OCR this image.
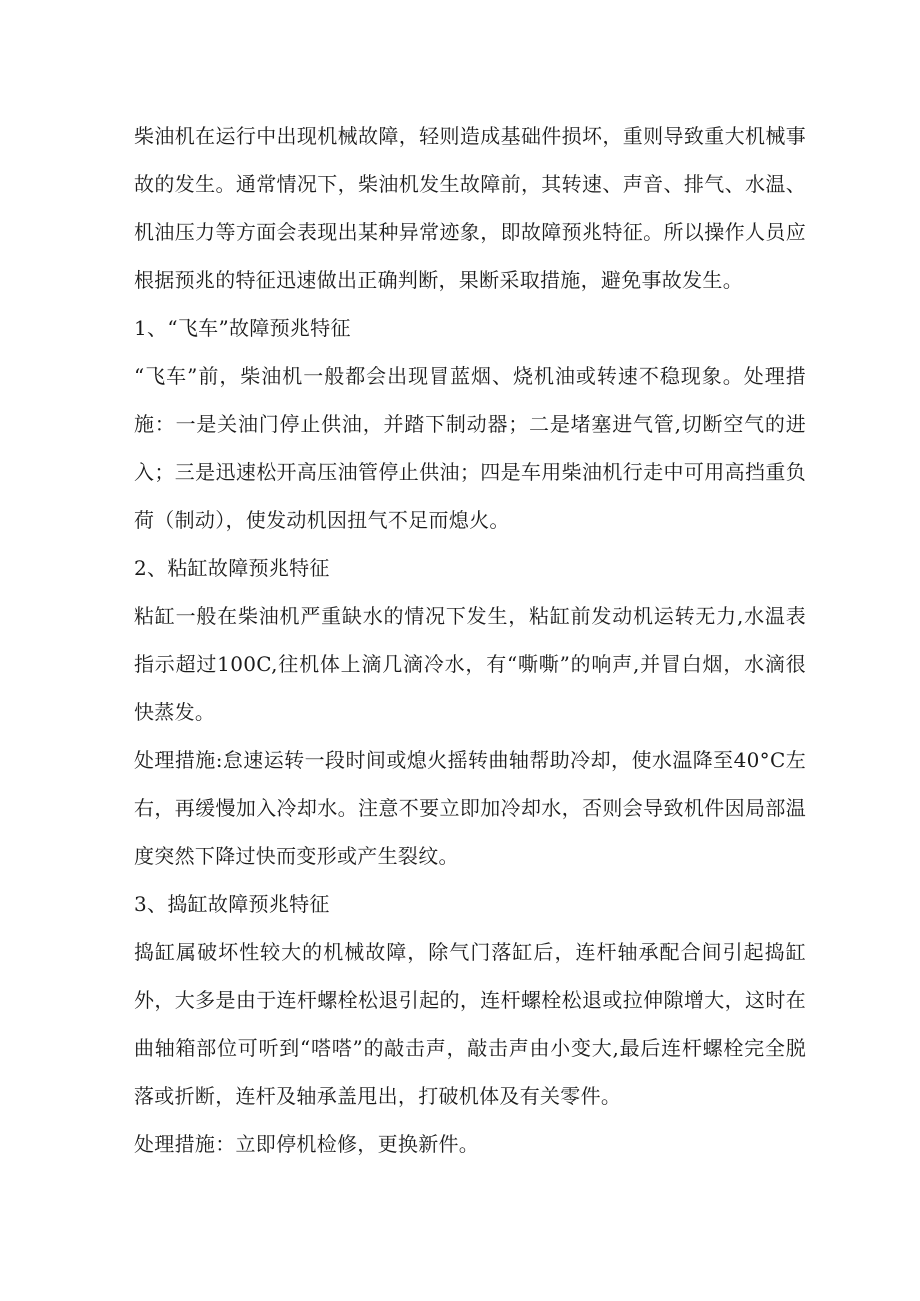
柴油机在运行中出现机械故障，轻则造成基础件损坏，重则导致重大机械事故的发生。通常情况下，柴油机发生故障前，其转速、声音、排气、水温、机油压力等方面会表现出某种异常迹象，即故障预兆特征。所以操作人员应根据预兆的特征迅速做出正确判断，果断采取措施，避免事故发生。

1、“飞车”故障预兆特征

“飞车”前，柴油机一般都会出现冒蓝烟、烧机油或转速不稳现象。处理措施：一是关油门停止供油，并踏下制动器；二是堵塞进气管,切断空气的进入；三是迅速松开高压油管停止供油；四是车用柴油机行走中可用高挡重负荷（制动），使发动机因扭气不足而熄火。

2、粘缸故障预兆特征

粘缸一般在柴油机严重缺水的情况下发生，粘缸前发动机运转无力,水温表指示超过100C,往机体上滴几滴冷水，有“嘶嘶”的响声,并冒白烟，水滴很快蒸发。

处理措施:怠速运转一段时间或熄火摇转曲轴帮助冷却，使水温降至40°C左右，再缓慢加入冷却水。注意不要立即加冷却水，否则会导致机件因局部温度突然下降过快而变形或产生裂纹。

3、捣缸故障预兆特征

捣缸属破坏性较大的机械故障，除气门落缸后，连杆轴承配合间引起捣缸外，大多是由于连杆螺栓松退引起的，连杆螺栓松退或拉伸隙增大，这时在曲轴箱部位可听到“嗒嗒”的敲击声，敲击声由小变大,最后连杆螺栓完全脱落或折断，连杆及轴承盖甩出，打破机体及有关零件。

处理措施：立即停机检修，更换新件。
